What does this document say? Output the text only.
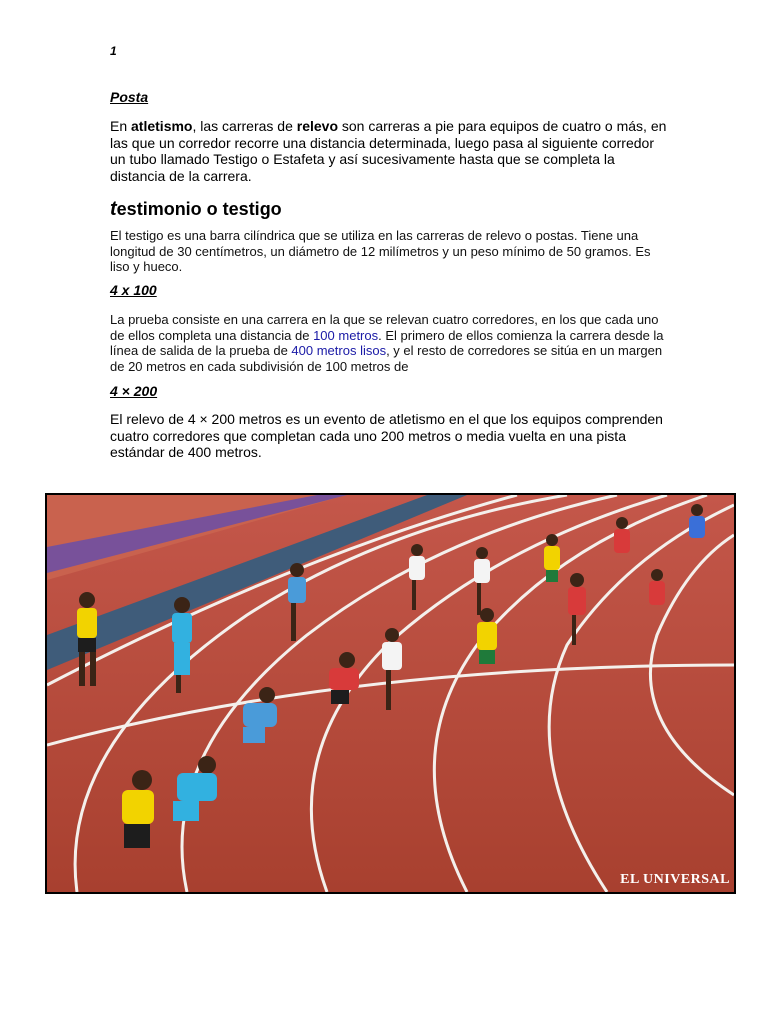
1
Posta
En atletismo, las carreras de relevo son carreras a pie para equipos de cuatro o más, en las que un corredor recorre una distancia determinada, luego pasa al siguiente corredor un tubo llamado Testigo o Estafeta y así sucesivamente hasta que se completa la distancia de la carrera.
testimonio o testigo
El testigo es una barra cilíndrica que se utiliza en las carreras de relevo o postas. Tiene una longitud de 30 centímetros, un diámetro de 12 milímetros y un peso mínimo de 50 gramos. Es liso y hueco.
4 x 100
La prueba consiste en una carrera en la que se relevan cuatro corredores, en los que cada uno de ellos completa una distancia de 100 metros. El primero de ellos comienza la carrera desde la línea de salida de la prueba de 400 metros lisos, y el resto de corredores se sitúa en un margen de 20 metros en cada subdivisión de 100 metros de
4 × 200
El relevo de 4 × 200 metros es un evento de atletismo en el que los equipos comprenden cuatro corredores que completan cada uno 200 metros o media vuelta en una pista estándar de 400 metros.
EL UNIVERSAL
